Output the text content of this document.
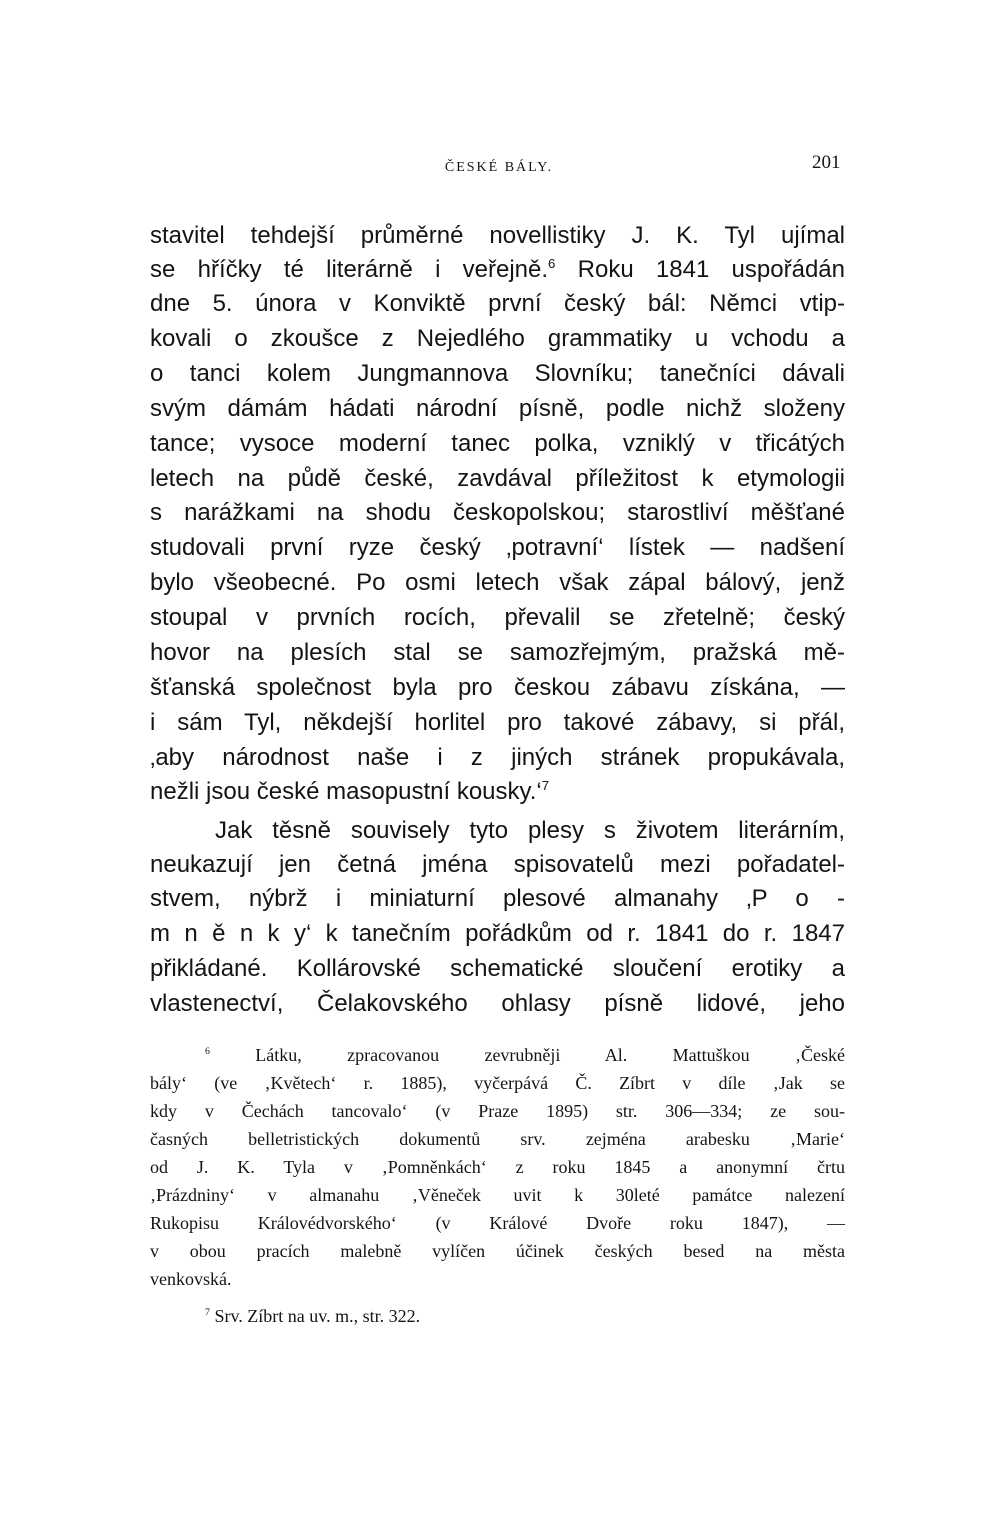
ČESKÉ BÁLY.	201
stavitel tehdejší průměrné novellistiky J. K. Tyl ujímal
se hříčky té literárně i veřejně.$^6$ Roku 1841 uspořádán
dne 5. února v Konviktě první český bál: Němci vtip-
kovali o zkoušce z Nejedlého grammatiky u vchodu a
o tanci kolem Jungmannova Slovníku; tanečníci dávali
svým dámám hádati národní písně, podle nichž složeny
tance; vysoce moderní tanec polka, vzniklý v třicátých
letech na půdě české, zavdával příležitost k etymologii
s narážkami na shodu českopolskou; starostliví měšťané
studovali první ryze český ‚potravní‘ lístek — nadšení
bylo všeobecné. Po osmi letech však zápal bálový, jenž
stoupal v prvních rocích, převalil se zřetelně; český
hovor na plesích stal se samozřejmým, pražská mě-
šťanská společnost byla pro českou zábavu získána, —
i sám Tyl, někdejší horlitel pro takové zábavy, si přál,
‚aby národnost naše i z jiných stránek propukávala,
nežli jsou české masopustní kousky.‘$^7$
Jak těsně souvisely tyto plesy s životem literárním,
neukazují jen četná jména spisovatelů mezi pořadatel-
stvem, nýbrž i miniaturní plesové almanahy ‚P o -
m n ě n k y‘ k tanečním pořádkům od r. 1841 do r. 1847
přikládané. Kollárovské schematické sloučení erotiky a
vlastenectví, Čelakovského ohlasy písně lidové, jeho
$^6$	Látku, zpracovanou zevrubněji Al. Mattuškou ‚České
bály‘ (ve ‚Květech‘ r. 1885), vyčerpává Č. Zíbrt v díle ‚Jak se
kdy v Čechách tancovalo‘ (v Praze 1895) str. 306—334; ze sou-
časných belletristických dokumentů srv. zejména arabesku ‚Marie‘
od J. K. Tyla v ‚Pomněnkách‘ z roku 1845 a anonymní črtu
‚Prázdniny‘ v almanahu ‚Věneček uvit k 30leté památce nalezení
Rukopisu Královédvorského‘ (v Králové Dvoře roku 1847), —
v obou pracích malebně vylíčen účinek českých besed na města
venkovská.
$^7$ Srv. Zíbrt na uv. m., str. 322.
